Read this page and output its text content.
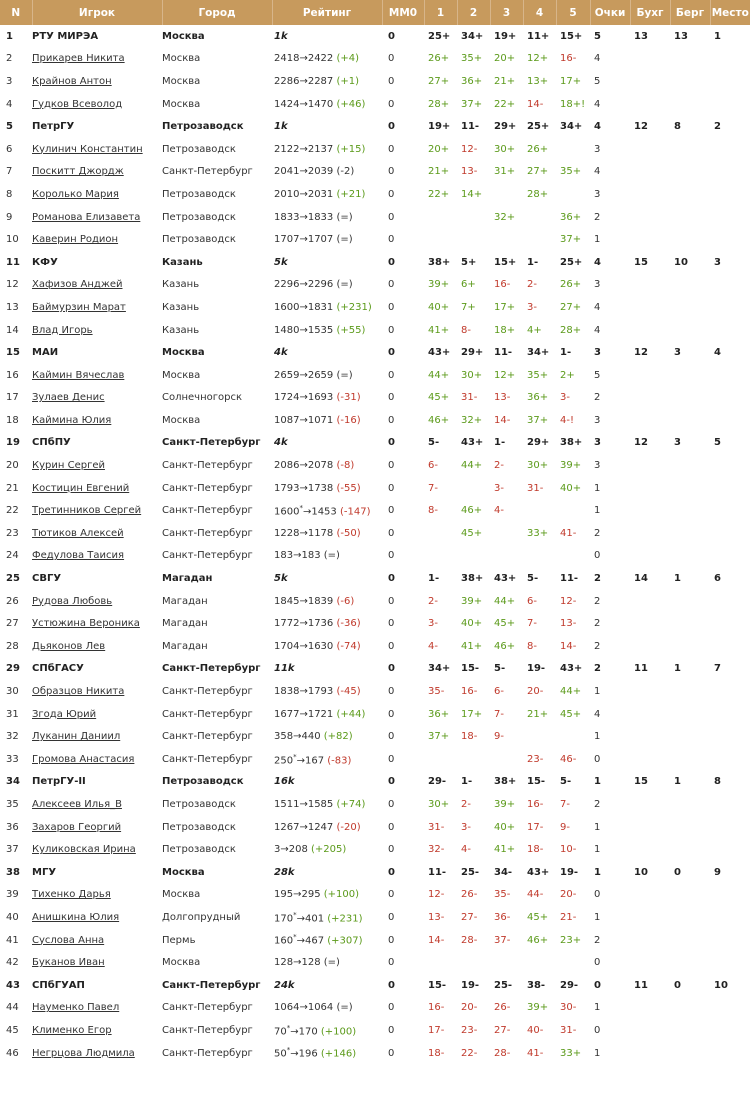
N	Игрок	Город	Рейтинг	MM0	1	2	3	4	5	Очки	Бухг	Берг	Место
1	РТУ МИРЭА	Москва	1k	0	25+	34+	19+	11+	15+	5	13	13	1
2	Прикарев Никита	Москва	2418→2422 (+4)	0	26+	35+	20+	12+	16-	4			
3	Крайнов Антон	Москва	2286→2287 (+1)	0	27+	36+	21+	13+	17+	5			
4	Гудков Всеволод	Москва	1424→1470 (+46)	0	28+	37+	22+	14-	18+!	4			
5	ПетрГУ	Петрозаводск	1k	0	19+	11-	29+	25+	34+	4	12	8	2
6	Кулинич Константин	Петрозаводск	2122→2137 (+15)	0	20+	12-	30+	26+		3			
7	Поскитт Джордж	Санкт-Петербург	2041→2039 (-2)	0	21+	13-	31+	27+	35+	4			
8	Королько Мария	Петрозаводск	2010→2031 (+21)	0	22+	14+		28+		3			
9	Романова Елизавета	Петрозаводск	1833→1833 (=)	0			32+		36+	2			
10	Каверин Родион	Петрозаводск	1707→1707 (=)	0					37+	1			
11	КФУ	Казань	5k	0	38+	5+	15+	1-	25+	4	15	10	3
12	Хафизов Анджей	Казань	2296→2296 (=)	0	39+	6+	16-	2-	26+	3			
13	Баймурзин Марат	Казань	1600→1831 (+231)	0	40+	7+	17+	3-	27+	4			
14	Влад Игорь	Казань	1480→1535 (+55)	0	41+	8-	18+	4+	28+	4			
15	МАИ	Москва	4k	0	43+	29+	11-	34+	1-	3	12	3	4
16	Каймин Вячеслав	Москва	2659→2659 (=)	0	44+	30+	12+	35+	2+	5			
17	Зулаев Денис	Солнечногорск	1724→1693 (-31)	0	45+	31-	13-	36+	3-	2			
18	Каймина Юлия	Москва	1087→1071 (-16)	0	46+	32+	14-	37+	4-!	3			
19	СПбПУ	Санкт-Петербург	4k	0	5-	43+	1-	29+	38+	3	12	3	5
20	Курин Сергей	Санкт-Петербург	2086→2078 (-8)	0	6-	44+	2-	30+	39+	3			
21	Костицин Евгений	Санкт-Петербург	1793→1738 (-55)	0	7-		3-	31-	40+	1			
22	Третинников Сергей	Санкт-Петербург	1600*→1453 (-147)	0	8-	46+	4-			1			
23	Тютиков Алексей	Санкт-Петербург	1228→1178 (-50)	0		45+		33+	41-	2			
24	Федулова Таисия	Санкт-Петербург	183→183 (=)	0						0			
25	СВГУ	Магадан	5k	0	1-	38+	43+	5-	11-	2	14	1	6
26	Рудова Любовь	Магадан	1845→1839 (-6)	0	2-	39+	44+	6-	12-	2			
27	Устюжина Вероника	Магадан	1772→1736 (-36)	0	3-	40+	45+	7-	13-	2			
28	Дьяконов Лев	Магадан	1704→1630 (-74)	0	4-	41+	46+	8-	14-	2			
29	СПбГАСУ	Санкт-Петербург	11k	0	34+	15-	5-	19-	43+	2	11	1	7
30	Образцов Никита	Санкт-Петербург	1838→1793 (-45)	0	35-	16-	6-	20-	44+	1			
31	Згода Юрий	Санкт-Петербург	1677→1721 (+44)	0	36+	17+	7-	21+	45+	4			
32	Луканин Даниил	Санкт-Петербург	358→440 (+82)	0	37+	18-	9-			1			
33	Громова Анастасия	Санкт-Петербург	250*→167 (-83)	0				23-	46-	0			
34	ПетрГУ-II	Петрозаводск	16k	0	29-	1-	38+	15-	5-	1	15	1	8
35	Алексеев Илья_В	Петрозаводск	1511→1585 (+74)	0	30+	2-	39+	16-	7-	2			
36	Захаров Георгий	Петрозаводск	1267→1247 (-20)	0	31-	3-	40+	17-	9-	1			
37	Куликовская Ирина	Петрозаводск	3→208 (+205)	0	32-	4-	41+	18-	10-	1			
38	МГУ	Москва	28k	0	11-	25-	34-	43+	19-	1	10	0	9
39	Тихенко Дарья	Москва	195→295 (+100)	0	12-	26-	35-	44-	20-	0			
40	Анишкина Юлия	Долгопрудный	170*→401 (+231)	0	13-	27-	36-	45+	21-	1			
41	Суслова Анна	Пермь	160*→467 (+307)	0	14-	28-	37-	46+	23+	2			
42	Буканов Иван	Москва	128→128 (=)	0						0			
43	СПбГУАП	Санкт-Петербург	24k	0	15-	19-	25-	38-	29-	0	11	0	10
44	Науменко Павел	Санкт-Петербург	1064→1064 (=)	0	16-	20-	26-	39+	30-	1			
45	Клименко Егор	Санкт-Петербург	70*→170 (+100)	0	17-	23-	27-	40-	31-	0			
46	Негрцова Людмила	Санкт-Петербург	50*→196 (+146)	0	18-	22-	28-	41-	33+	1			
